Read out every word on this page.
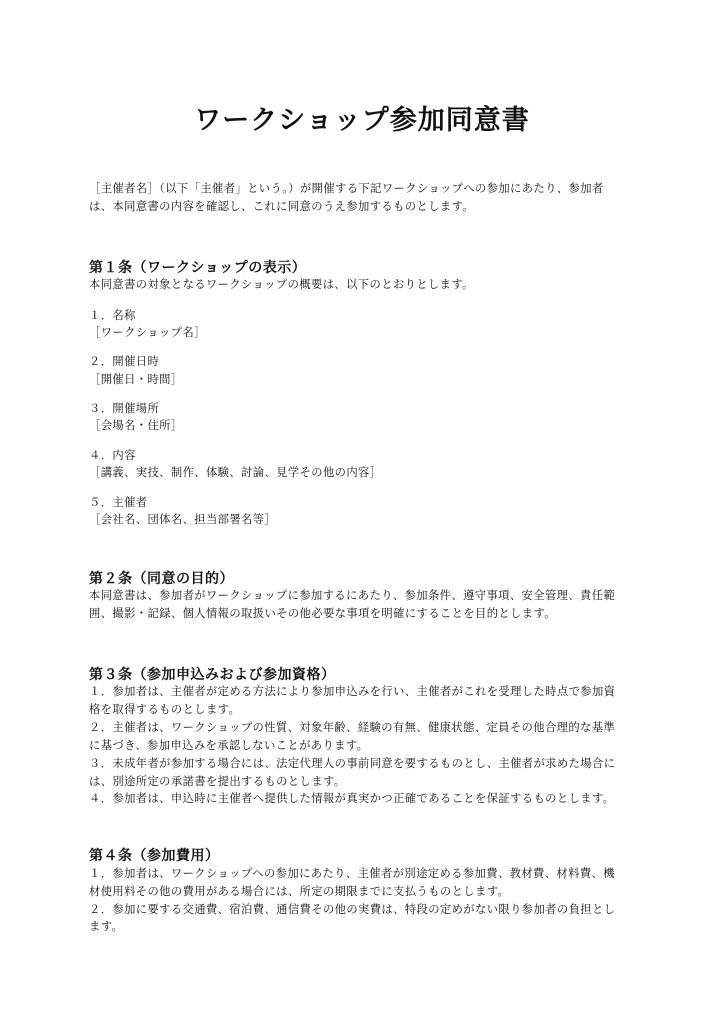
ワークショップ参加同意書
［主催者名］（以下「主催者」という。）が開催する下記ワークショップへの参加にあたり、参加者
は、本同意書の内容を確認し、これに同意のうえ参加するものとします。
第１条（ワークショップの表示）
本同意書の対象となるワークショップの概要は、以下のとおりとします。
１．名称
［ワークショップ名］
２．開催日時
［開催日・時間］
３．開催場所
［会場名・住所］
４．内容
［講義、実技、制作、体験、討論、見学その他の内容］
５．主催者
［会社名、団体名、担当部署名等］
第２条（同意の目的）
本同意書は、参加者がワークショップに参加するにあたり、参加条件、遵守事項、安全管理、責任範
囲、撮影・記録、個人情報の取扱いその他必要な事項を明確にすることを目的とします。
第３条（参加申込みおよび参加資格）
１．参加者は、主催者が定める方法により参加申込みを行い、主催者がこれを受理した時点で参加資
格を取得するものとします。
２．主催者は、ワークショップの性質、対象年齢、経験の有無、健康状態、定員その他合理的な基準
に基づき、参加申込みを承認しないことがあります。
３．未成年者が参加する場合には、法定代理人の事前同意を要するものとし、主催者が求めた場合に
は、別途所定の承諾書を提出するものとします。
４．参加者は、申込時に主催者へ提供した情報が真実かつ正確であることを保証するものとします。
第４条（参加費用）
１．参加者は、ワークショップへの参加にあたり、主催者が別途定める参加費、教材費、材料費、機
材使用料その他の費用がある場合には、所定の期限までに支払うものとします。
２．参加に要する交通費、宿泊費、通信費その他の実費は、特段の定めがない限り参加者の負担とし
ます。
